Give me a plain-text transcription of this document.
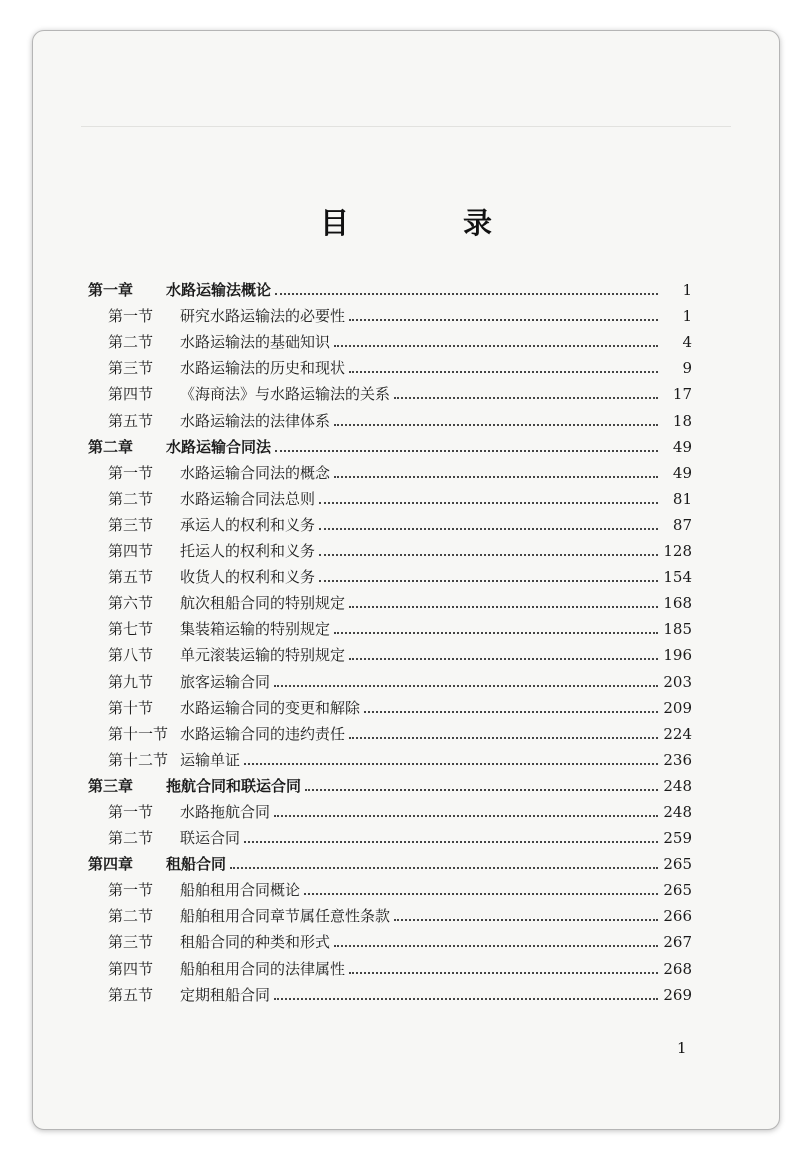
目 录
第一章	水路运输法概论	1
第一节	研究水路运输法的必要性	1
第二节	水路运输法的基础知识	4
第三节	水路运输法的历史和现状	9
第四节	《海商法》与水路运输法的关系	17
第五节	水路运输法的法律体系	18
第二章	水路运输合同法	49
第一节	水路运输合同法的概念	49
第二节	水路运输合同法总则	81
第三节	承运人的权利和义务	87
第四节	托运人的权利和义务	128
第五节	收货人的权利和义务	154
第六节	航次租船合同的特别规定	168
第七节	集装箱运输的特别规定	185
第八节	单元滚装运输的特别规定	196
第九节	旅客运输合同	203
第十节	水路运输合同的变更和解除	209
第十一节 水路运输合同的违约责任	224
第十二节 运输单证	236
第三章	拖航合同和联运合同	248
第一节	水路拖航合同	248
第二节	联运合同	259
第四章	租船合同	265
第一节	船舶租用合同概论	265
第二节	船舶租用合同章节属任意性条款	266
第三节	租船合同的种类和形式	267
第四节	船舶租用合同的法律属性	268
第五节	定期租船合同	269
1
